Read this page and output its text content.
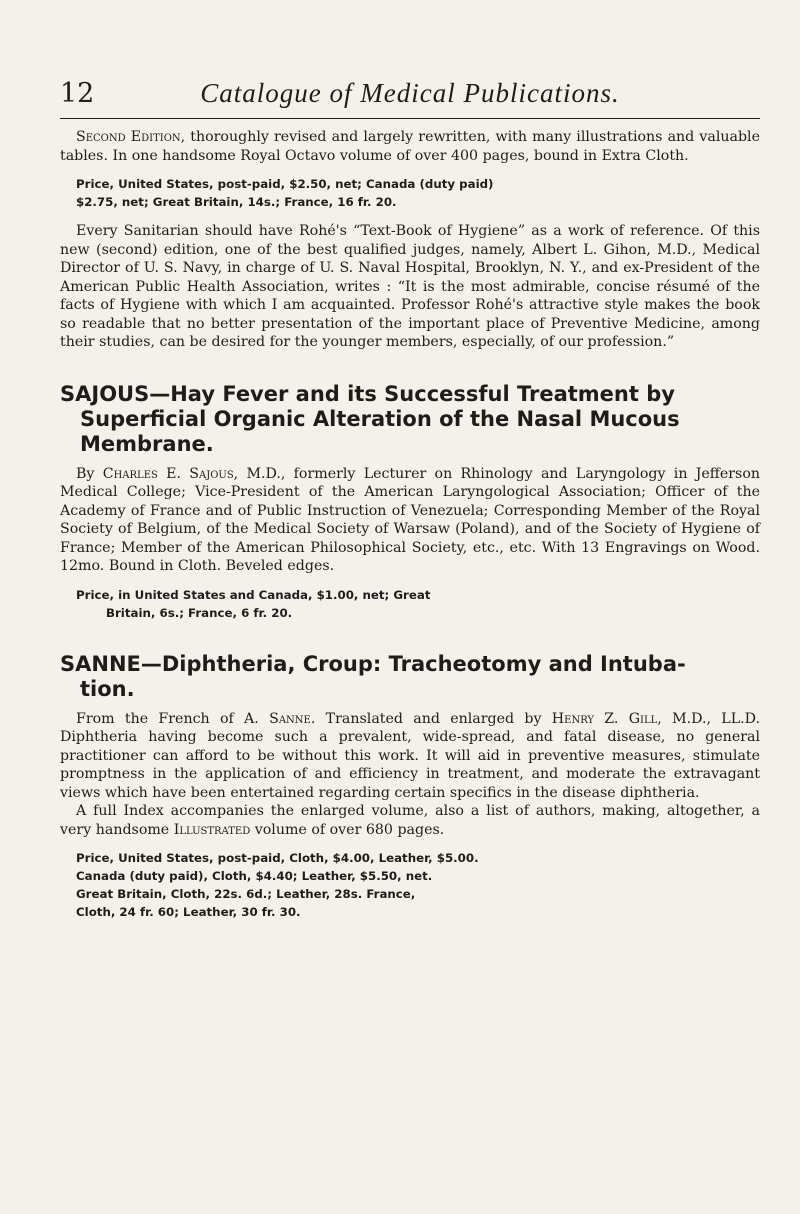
12	Catalogue of Medical Publications.

Second Edition, thoroughly revised and largely rewritten, with many illustrations and valuable tables. In one handsome Royal Octavo volume of over 400 pages, bound in Extra Cloth.

Price, United States, post-paid, $2.50, net; Canada (duty paid)
$2.75, net; Great Britain, 14s.; France, 16 fr. 20.

Every Sanitarian should have Rohé's “Text-Book of Hygiene” as a work of reference. Of this new (second) edition, one of the best qualified judges, namely, Albert L. Gihon, M.D., Medical Director of U. S. Navy, in charge of U. S. Naval Hospital, Brooklyn, N. Y., and ex-President of the American Public Health Association, writes : “It is the most admirable, concise résumé of the facts of Hygiene with which I am acquainted. Professor Rohé's attractive style makes the book so readable that no better presentation of the important place of Preventive Medicine, among their studies, can be desired for the younger members, especially, of our profession.”

SAJOUS—Hay Fever and its Successful Treatment by
Superficial Organic Alteration of the Nasal Mucous
Membrane.

By Charles E. Sajous, M.D., formerly Lecturer on Rhinology and Laryngology in Jefferson Medical College; Vice-President of the American Laryngological Association; Officer of the Academy of France and of Public Instruction of Venezuela; Corresponding Member of the Royal Society of Belgium, of the Medical Society of Warsaw (Poland), and of the Society of Hygiene of France; Member of the American Philosophical Society, etc., etc. With 13 Engravings on Wood. 12mo. Bound in Cloth. Beveled edges.

Price, in United States and Canada, $1.00, net; Great
Britain, 6s.; France, 6 fr. 20.
SANNE—Diphtheria, Croup: Tracheotomy and Intuba-
tion.

From the French of A. Sanne. Translated and enlarged by Henry Z. Gill, M.D., LL.D. Diphtheria having become such a prevalent, wide-spread, and fatal disease, no general practitioner can afford to be without this work. It will aid in preventive measures, stimulate promptness in the application of and efficiency in treatment, and moderate the extravagant views which have been entertained regarding certain specifics in the disease diphtheria.

A full Index accompanies the enlarged volume, also a list of authors, making, altogether, a very handsome Illustrated volume of over 680 pages.

Price, United States, post-paid, Cloth, $4.00, Leather, $5.00.
Canada (duty paid), Cloth, $4.40; Leather, $5.50, net.
Great Britain, Cloth, 22s. 6d.; Leather, 28s. France,
Cloth, 24 fr. 60; Leather, 30 fr. 30.
